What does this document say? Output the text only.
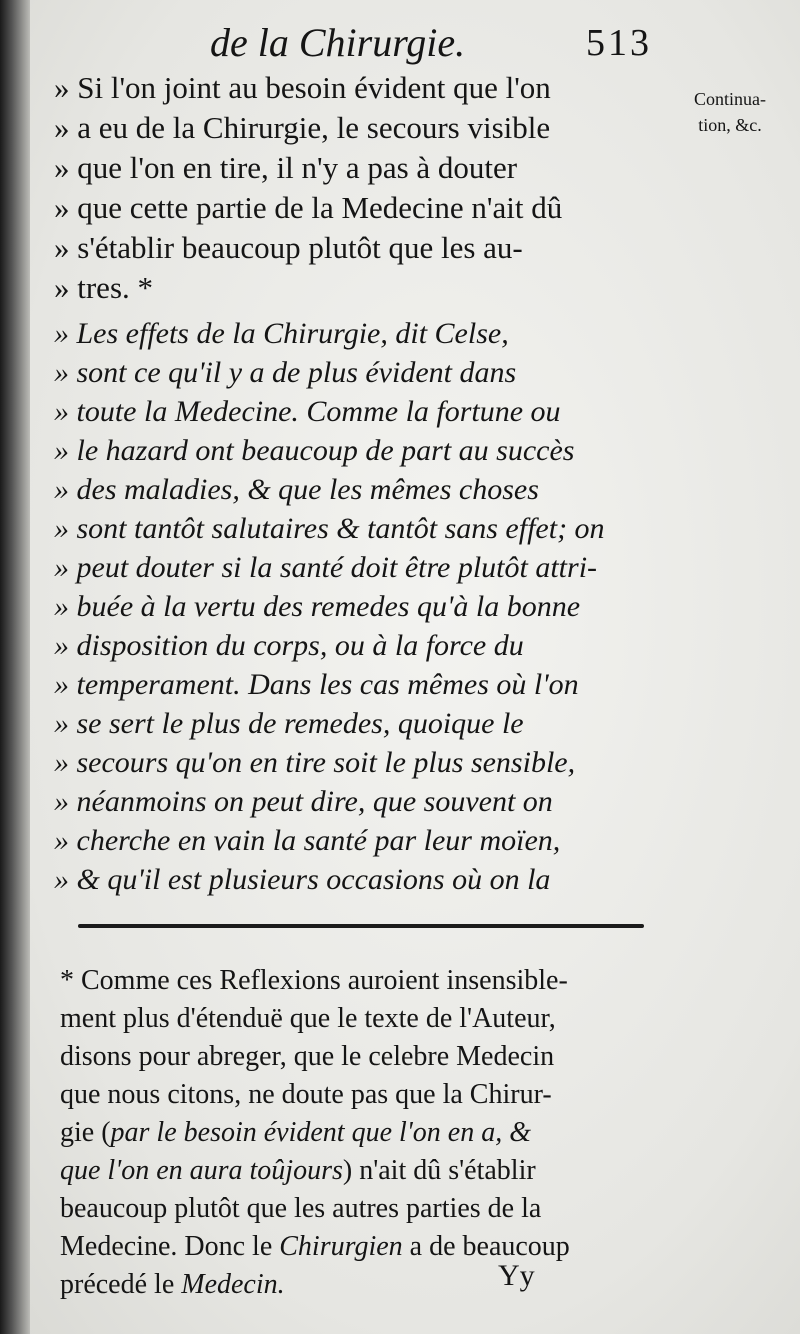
de la Chirurgie.	513
Continua-
tion, &c.
» Si l'on joint au besoin évident que l'on
» a eu de la Chirurgie, le secours visible
» que l'on en tire, il n'y a pas à douter
» que cette partie de la Medecine n'ait dû
» s'établir beaucoup plutôt que les au-
» tres. *
» Les effets de la Chirurgie, dit Celse,
» sont ce qu'il y a de plus évident dans
» toute la Medecine. Comme la fortune ou
» le hazard ont beaucoup de part au succès
» des maladies, & que les mêmes choses
» sont tantôt salutaires & tantôt sans effet; on
» peut douter si la santé doit être plutôt attri-
» buée à la vertu des remedes qu'à la bonne
» disposition du corps, ou à la force du
» temperament. Dans les cas mêmes où l'on
» se sert le plus de remedes, quoique le
» secours qu'on en tire soit le plus sensible,
» néanmoins on peut dire, que souvent on
» cherche en vain la santé par leur moïen,
» & qu'il est plusieurs occasions où on la
* Comme ces Reflexions auroient insensible-
ment plus d'étenduë que le texte de l'Auteur,
disons pour abreger, que le celebre Medecin
que nous citons, ne doute pas que la Chirur-
gie (par le besoin évident que l'on en a, &
que l'on en aura toûjours) n'ait dû s'établir
beaucoup plutôt que les autres parties de la
Medecine. Donc le Chirurgien a de beaucoup
précedé le Medecin.	Yy
